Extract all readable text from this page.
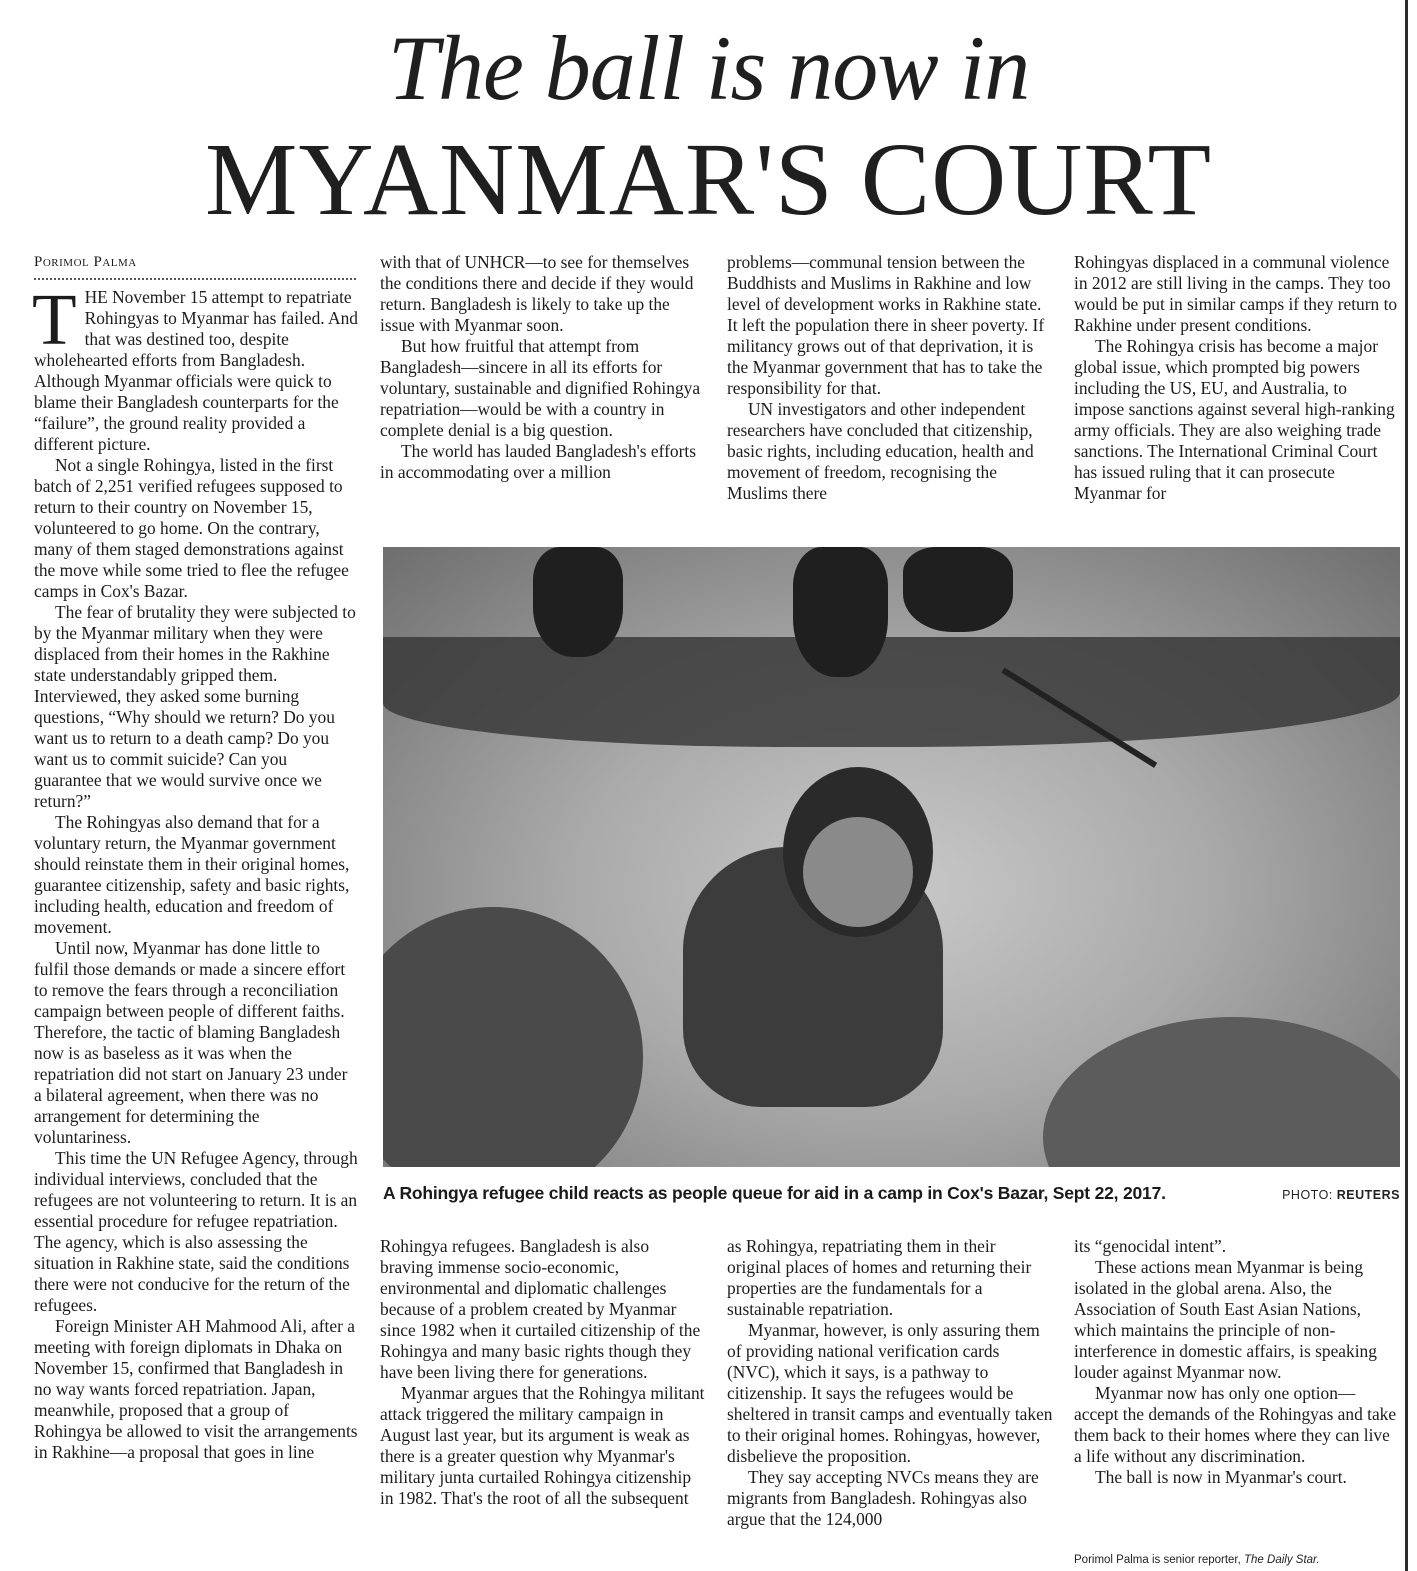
The ball is now in
MYANMAR'S COURT
Porimol Palma
T HE November 15 attempt to repatriate Rohingyas to Myanmar has failed. And that was destined too, despite wholehearted efforts from Bangladesh. Although Myanmar officials were quick to blame their Bangladesh counterparts for the “failure”, the ground reality provided a different picture.

Not a single Rohingya, listed in the first batch of 2,251 verified refugees supposed to return to their country on November 15, volunteered to go home. On the contrary, many of them staged demonstrations against the move while some tried to flee the refugee camps in Cox's Bazar.

The fear of brutality they were subjected to by the Myanmar military when they were displaced from their homes in the Rakhine state understandably gripped them. Interviewed, they asked some burning questions, “Why should we return? Do you want us to return to a death camp? Do you want us to commit suicide? Can you guarantee that we would survive once we return?”

The Rohingyas also demand that for a voluntary return, the Myanmar government should reinstate them in their original homes, guarantee citizenship, safety and basic rights, including health, education and freedom of movement.

Until now, Myanmar has done little to fulfil those demands or made a sincere effort to remove the fears through a reconciliation campaign between people of different faiths. Therefore, the tactic of blaming Bangladesh now is as baseless as it was when the repatriation did not start on January 23 under a bilateral agreement, when there was no arrangement for determining the voluntariness.

This time the UN Refugee Agency, through individual interviews, concluded that the refugees are not volunteering to return. It is an essential procedure for refugee repatriation. The agency, which is also assessing the situation in Rakhine state, said the conditions there were not conducive for the return of the refugees.

Foreign Minister AH Mahmood Ali, after a meeting with foreign diplomats in Dhaka on November 15, confirmed that Bangladesh in no way wants forced repatriation. Japan, meanwhile, proposed that a group of Rohingya be allowed to visit the arrangements in Rakhine—a proposal that goes in line

with that of UNHCR—to see for themselves the conditions there and decide if they would return. Bangladesh is likely to take up the issue with Myanmar soon.

But how fruitful that attempt from Bangladesh—sincere in all its efforts for voluntary, sustainable and dignified Rohingya repatriation—would be with a country in complete denial is a big question.

The world has lauded Bangladesh's efforts in accommodating over a million

problems—communal tension between the Buddhists and Muslims in Rakhine and low level of development works in Rakhine state. It left the population there in sheer poverty. If militancy grows out of that deprivation, it is the Myanmar government that has to take the responsibility for that.

UN investigators and other independent researchers have concluded that citizenship, basic rights, including education, health and movement of freedom, recognising the Muslims there

Rohingyas displaced in a communal violence in 2012 are still living in the camps. They too would be put in similar camps if they return to Rakhine under present conditions.

The Rohingya crisis has become a major global issue, which prompted big powers including the US, EU, and Australia, to impose sanctions against several high-ranking army officials. They are also weighing trade sanctions. The International Criminal Court has issued ruling that it can prosecute Myanmar for

A Rohingya refugee child reacts as people queue for aid in a camp in Cox's Bazar, Sept 22, 2017.	PHOTO: REUTERS

Rohingya refugees. Bangladesh is also braving immense socio-economic, environmental and diplomatic challenges because of a problem created by Myanmar since 1982 when it curtailed citizenship of the Rohingya and many basic rights though they have been living there for generations.

Myanmar argues that the Rohingya militant attack triggered the military campaign in August last year, but its argument is weak as there is a greater question why Myanmar's military junta curtailed Rohingya citizenship in 1982. That's the root of all the subsequent

as Rohingya, repatriating them in their original places of homes and returning their properties are the fundamentals for a sustainable repatriation.

Myanmar, however, is only assuring them of providing national verification cards (NVC), which it says, is a pathway to citizenship. It says the refugees would be sheltered in transit camps and eventually taken to their original homes. Rohingyas, however, disbelieve the proposition.

They say accepting NVCs means they are migrants from Bangladesh. Rohingyas also argue that the 124,000

its “genocidal intent”.

These actions mean Myanmar is being isolated in the global arena. Also, the Association of South East Asian Nations, which maintains the principle of non-interference in domestic affairs, is speaking louder against Myanmar now.

Myanmar now has only one option—accept the demands of the Rohingyas and take them back to their homes where they can live a life without any discrimination.

The ball is now in Myanmar's court.

Porimol Palma is senior reporter, The Daily Star.
